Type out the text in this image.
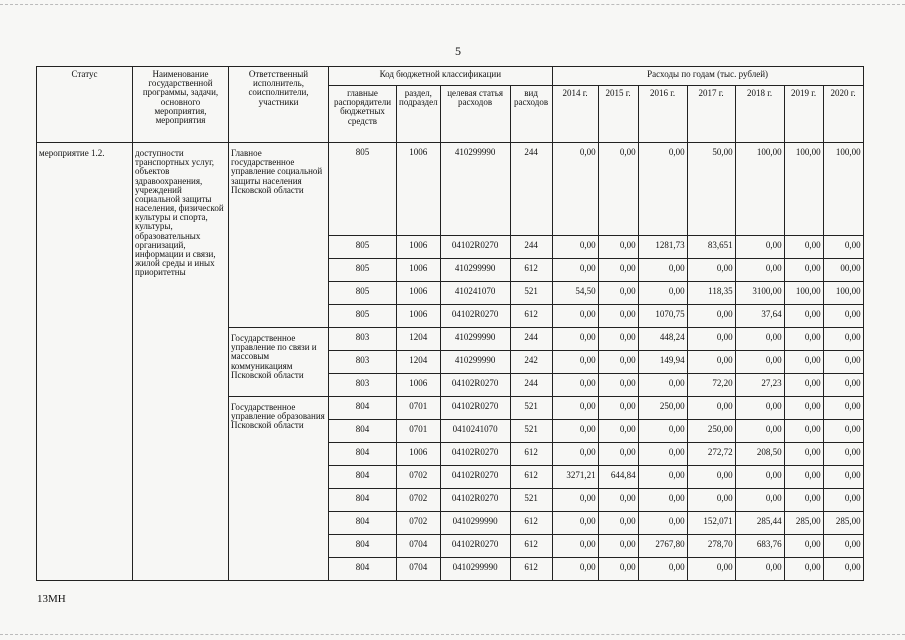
5
Статус	Наименование государственной программы, задачи, основного мероприятия, мероприятия	Ответственный исполнитель, соисполнители, участники	Код бюджетной классификации				Расходы по годам (тыс. рублей)						
			главные распорядители бюджетных средств	раздел, подраздел	целевая статья расходов	вид расходов	2014 г.	2015 г.	2016 г.	2017 г.	2018 г.	2019 г.	2020 г.
мероприятие 1.2.	доступности транспортных услуг, объектов здравоохранения, учреждений социальной защиты населения, физической культуры и спорта, культуры, образовательных организаций, информации и связи, жилой среды и иных приоритетны	Главное государственное управление социальной защиты населения Псковской области	805	1006	410299990	244	0,00	0,00	0,00	50,00	100,00	100,00	100,00
			805	1006	04102R0270	244	0,00	0,00	1281,73	83,651	0,00	0,00	0,00
			805	1006	410299990	612	0,00	0,00	0,00	0,00	0,00	0,00	00,00
			805	1006	410241070	521	54,50	0,00	0,00	118,35	3100,00	100,00	100,00
			805	1006	04102R0270	612	0,00	0,00	1070,75	0,00	37,64	0,00	0,00
		Государственное управление по связи и массовым коммуникациям Псковской области	803	1204	410299990	244	0,00	0,00	448,24	0,00	0,00	0,00	0,00
			803	1204	410299990	242	0,00	0,00	149,94	0,00	0,00	0,00	0,00
			803	1006	04102R0270	244	0,00	0,00	0,00	72,20	27,23	0,00	0,00
		Государственное управление образования Псковской области	804	0701	04102R0270	521	0,00	0,00	250,00	0,00	0,00	0,00	0,00
			804	0701	0410241070	521	0,00	0,00	0,00	250,00	0,00	0,00	0,00
			804	1006	04102R0270	612	0,00	0,00	0,00	272,72	208,50	0,00	0,00
			804	0702	04102R0270	612	3271,21	644,84	0,00	0,00	0,00	0,00	0,00
			804	0702	04102R0270	521	0,00	0,00	0,00	0,00	0,00	0,00	0,00
			804	0702	0410299990	612	0,00	0,00	0,00	152,071	285,44	285,00	285,00
			804	0704	04102R0270	612	0,00	0,00	2767,80	278,70	683,76	0,00	0,00
			804	0704	0410299990	612	0,00	0,00	0,00	0,00	0,00	0,00	0,00
13MH
